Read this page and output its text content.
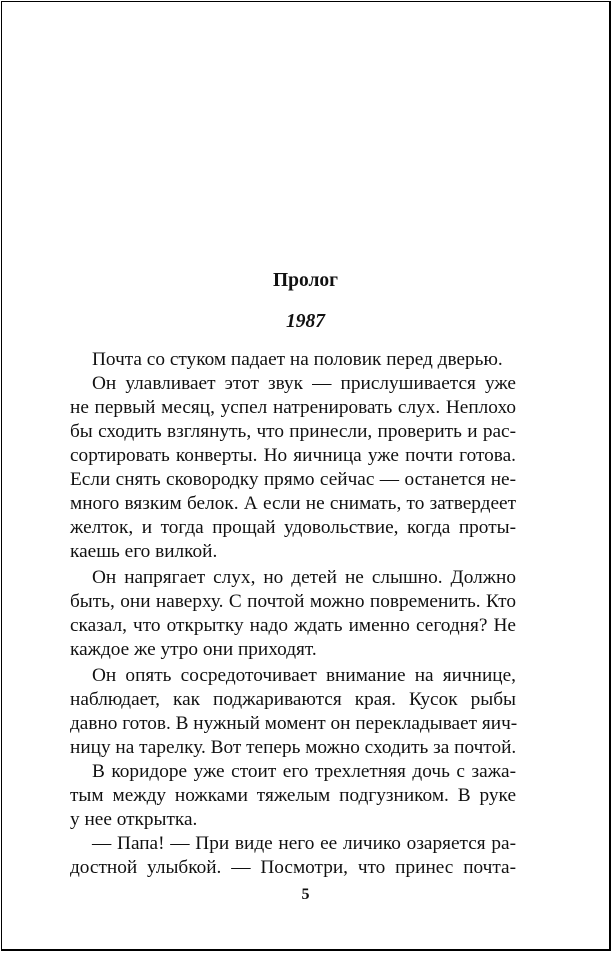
Пролог
1987
Почта со стуком падает на половик перед дверью.
Он улавливает этот звук — прислушивается уже
не первый месяц, успел натренировать слух. Неплохо
бы сходить взглянуть, что принесли, проверить и рас-
сортировать конверты. Но яичница уже почти готова.
Если снять сковородку прямо сейчас — останется не-
много вязким белок. А если не снимать, то затвердеет
желток, и тогда прощай удовольствие, когда проты-
каешь его вилкой.
Он напрягает слух, но детей не слышно. Должно
быть, они наверху. С почтой можно повременить. Кто
сказал, что открытку надо ждать именно сегодня? Не
каждое же утро они приходят.
Он опять сосредоточивает внимание на яичнице,
наблюдает, как поджариваются края. Кусок рыбы
давно готов. В нужный момент он перекладывает яич-
ницу на тарелку. Вот теперь можно сходить за почтой.
В коридоре уже стоит его трехлетняя дочь с зажа-
тым между ножками тяжелым подгузником. В руке
у нее открытка.
— Папа! — При виде него ее личико озаряется ра-
достной улыбкой. — Посмотри, что принес почта-
5
